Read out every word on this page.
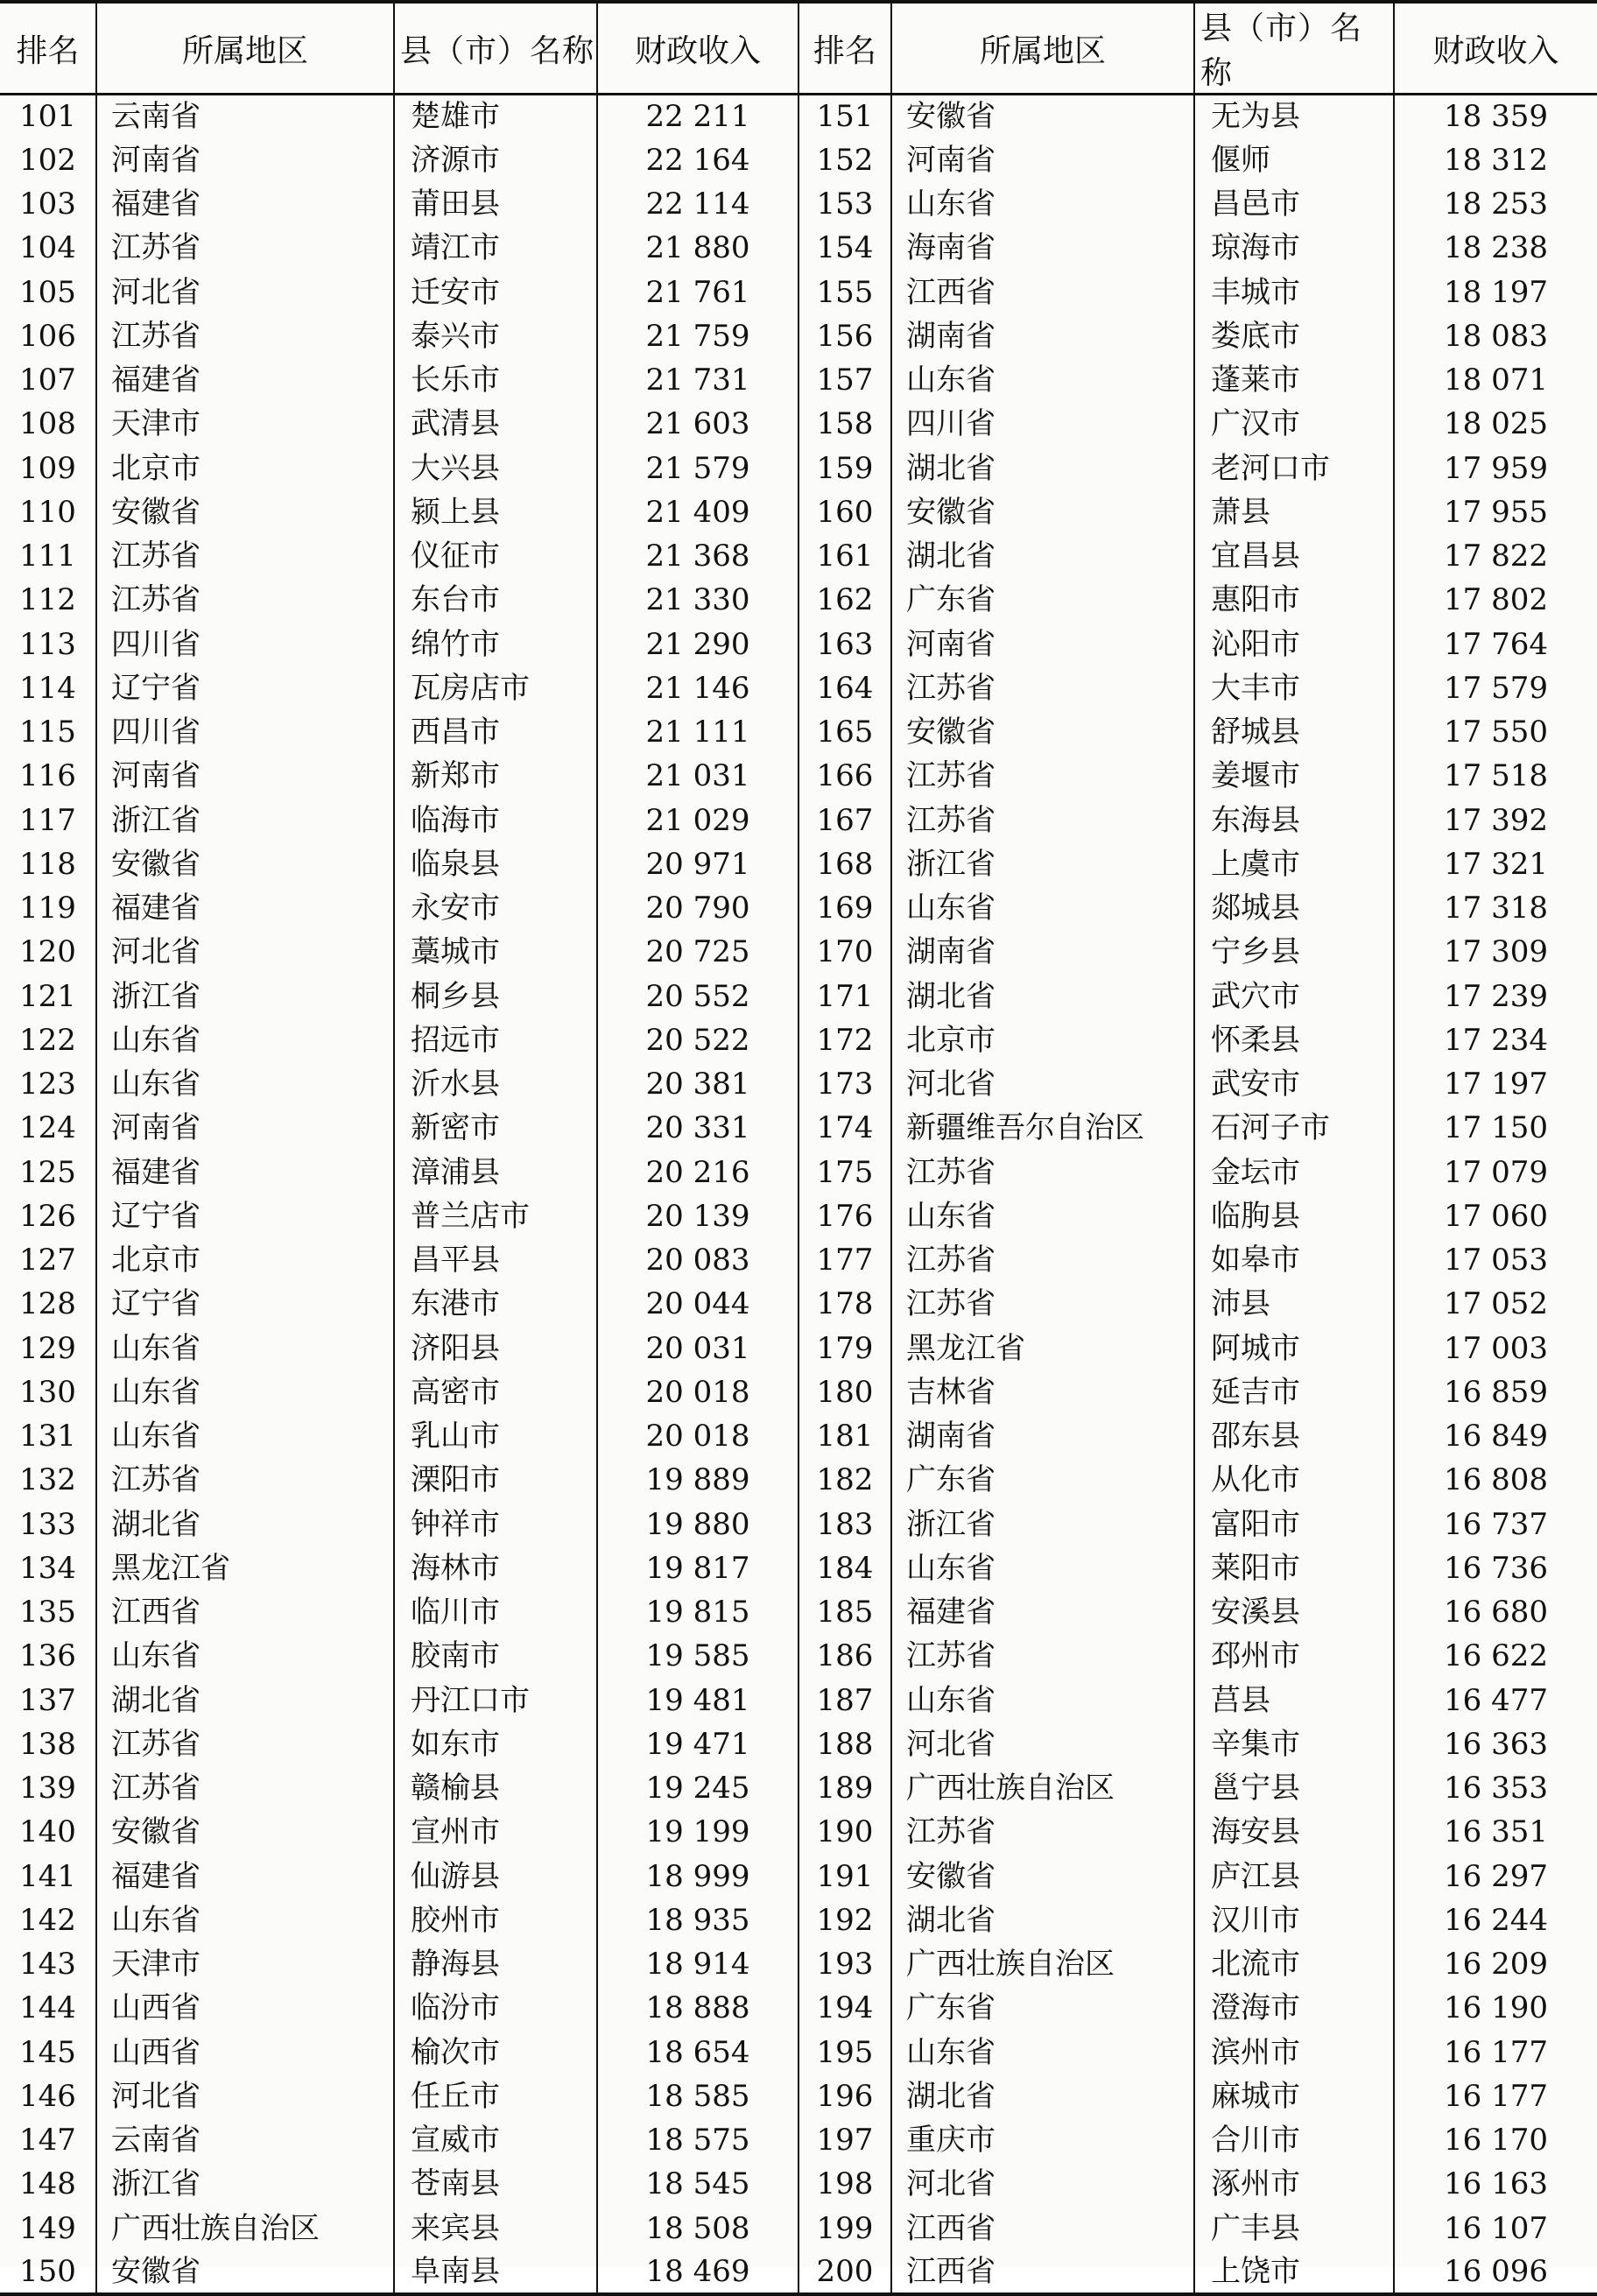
排名	所属地区	县（市）名称	财政收入	排名	所属地区	县（市）名称	财政收入
101	云南省	楚雄市	22 211	151	安徽省	无为县	18 359
102	河南省	济源市	22 164	152	河南省	偃师	18 312
103	福建省	莆田县	22 114	153	山东省	昌邑市	18 253
104	江苏省	靖江市	21 880	154	海南省	琼海市	18 238
105	河北省	迁安市	21 761	155	江西省	丰城市	18 197
106	江苏省	泰兴市	21 759	156	湖南省	娄底市	18 083
107	福建省	长乐市	21 731	157	山东省	蓬莱市	18 071
108	天津市	武清县	21 603	158	四川省	广汉市	18 025
109	北京市	大兴县	21 579	159	湖北省	老河口市	17 959
110	安徽省	颍上县	21 409	160	安徽省	萧县	17 955
111	江苏省	仪征市	21 368	161	湖北省	宜昌县	17 822
112	江苏省	东台市	21 330	162	广东省	惠阳市	17 802
113	四川省	绵竹市	21 290	163	河南省	沁阳市	17 764
114	辽宁省	瓦房店市	21 146	164	江苏省	大丰市	17 579
115	四川省	西昌市	21 111	165	安徽省	舒城县	17 550
116	河南省	新郑市	21 031	166	江苏省	姜堰市	17 518
117	浙江省	临海市	21 029	167	江苏省	东海县	17 392
118	安徽省	临泉县	20 971	168	浙江省	上虞市	17 321
119	福建省	永安市	20 790	169	山东省	郯城县	17 318
120	河北省	藁城市	20 725	170	湖南省	宁乡县	17 309
121	浙江省	桐乡县	20 552	171	湖北省	武穴市	17 239
122	山东省	招远市	20 522	172	北京市	怀柔县	17 234
123	山东省	沂水县	20 381	173	河北省	武安市	17 197
124	河南省	新密市	20 331	174	新疆维吾尔自治区	石河子市	17 150
125	福建省	漳浦县	20 216	175	江苏省	金坛市	17 079
126	辽宁省	普兰店市	20 139	176	山东省	临朐县	17 060
127	北京市	昌平县	20 083	177	江苏省	如皋市	17 053
128	辽宁省	东港市	20 044	178	江苏省	沛县	17 052
129	山东省	济阳县	20 031	179	黑龙江省	阿城市	17 003
130	山东省	高密市	20 018	180	吉林省	延吉市	16 859
131	山东省	乳山市	20 018	181	湖南省	邵东县	16 849
132	江苏省	溧阳市	19 889	182	广东省	从化市	16 808
133	湖北省	钟祥市	19 880	183	浙江省	富阳市	16 737
134	黑龙江省	海林市	19 817	184	山东省	莱阳市	16 736
135	江西省	临川市	19 815	185	福建省	安溪县	16 680
136	山东省	胶南市	19 585	186	江苏省	邳州市	16 622
137	湖北省	丹江口市	19 481	187	山东省	莒县	16 477
138	江苏省	如东市	19 471	188	河北省	辛集市	16 363
139	江苏省	赣榆县	19 245	189	广西壮族自治区	邕宁县	16 353
140	安徽省	宣州市	19 199	190	江苏省	海安县	16 351
141	福建省	仙游县	18 999	191	安徽省	庐江县	16 297
142	山东省	胶州市	18 935	192	湖北省	汉川市	16 244
143	天津市	静海县	18 914	193	广西壮族自治区	北流市	16 209
144	山西省	临汾市	18 888	194	广东省	澄海市	16 190
145	山西省	榆次市	18 654	195	山东省	滨州市	16 177
146	河北省	任丘市	18 585	196	湖北省	麻城市	16 177
147	云南省	宣威市	18 575	197	重庆市	合川市	16 170
148	浙江省	苍南县	18 545	198	河北省	涿州市	16 163
149	广西壮族自治区	来宾县	18 508	199	江西省	广丰县	16 107
150	安徽省	阜南县	18 469	200	江西省	上饶市	16 096
